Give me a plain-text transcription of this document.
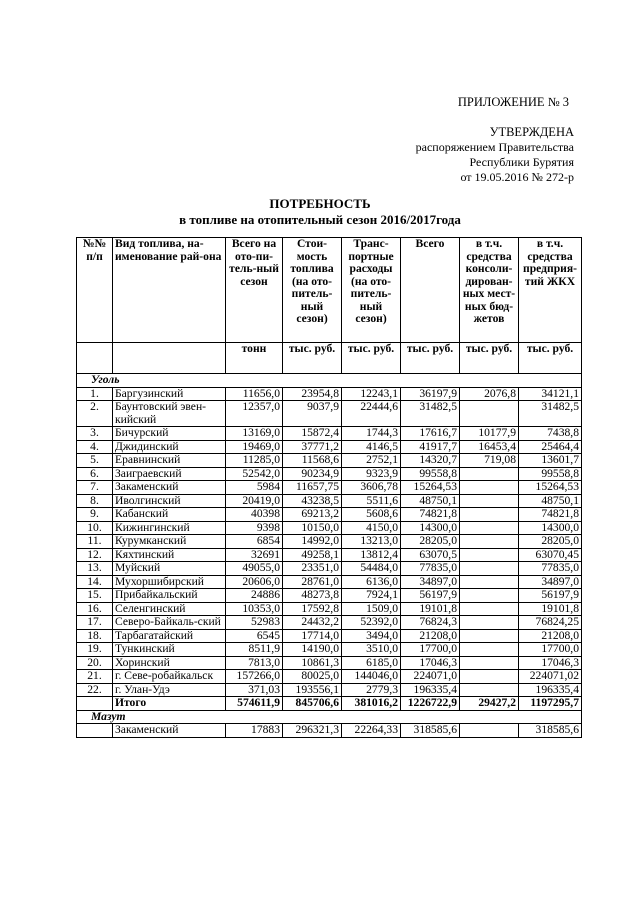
ПРИЛОЖЕНИЕ № 3
УТВЕРЖДЕНА
распоряжением Правительства
Республики Бурятия
от 19.05.2016 № 272-р
ПОТРЕБНОСТЬ
в топливе на отопительный сезон 2016/2017года
№№ п/п	Вид топлива, на-именование рай-она	Всего на ото-пи-тель-ный сезон	Стои-мость топлива (на ото-питель-ный сезон)	Транс-портные расходы (на ото-питель-ный сезон)	Всего	в т.ч. средства консоли-дирован-ных мест-ных бюд-жетов	в т.ч. средства предприя-тий ЖКХ
		тонн	тыс. руб.	тыс. руб.	тыс. руб.	тыс. руб.	тыс. руб.
Уголь							
1.	Баргузинский	11656,0	23954,8	12243,1	36197,9	2076,8	34121,1
2.	Баунтовский эвен-кийский	12357,0	9037,9	22444,6	31482,5		31482,5
3.	Бичурский	13169,0	15872,4	1744,3	17616,7	10177,9	7438,8
4.	Джидинский	19469,0	37771,2	4146,5	41917,7	16453,4	25464,4
5.	Еравнинский	11285,0	11568,6	2752,1	14320,7	719,08	13601,7
6.	Заиграевский	52542,0	90234,9	9323,9	99558,8		99558,8
7.	Закаменский	5984	11657,75	3606,78	15264,53		15264,53
8.	Иволгинский	20419,0	43238,5	5511,6	48750,1		48750,1
9.	Кабанский	40398	69213,2	5608,6	74821,8		74821,8
10.	Кижингинский	9398	10150,0	4150,0	14300,0		14300,0
11.	Курумканский	6854	14992,0	13213,0	28205,0		28205,0
12.	Кяхтинский	32691	49258,1	13812,4	63070,5		63070,45
13.	Муйский	49055,0	23351,0	54484,0	77835,0		77835,0
14.	Мухоршибирский	20606,0	28761,0	6136,0	34897,0		34897,0
15.	Прибайкальский	24886	48273,8	7924,1	56197,9		56197,9
16.	Селенгинский	10353,0	17592,8	1509,0	19101,8		19101,8
17.	Северо-Байкаль-ский	52983	24432,2	52392,0	76824,3		76824,25
18.	Тарбагатайский	6545	17714,0	3494,0	21208,0		21208,0
19.	Тункинский	8511,9	14190,0	3510,0	17700,0		17700,0
20.	Хоринский	7813,0	10861,3	6185,0	17046,3		17046,3
21.	г. Севе-робайкальск	157266,0	80025,0	144046,0	224071,0		224071,02
22.	г. Улан-Удэ	371,03	193556,1	2779,3	196335,4		196335,4
	Итого	574611,9	845706,6	381016,2	1226722,9	29427,2	1197295,7
Мазут							
	Закаменский	17883	296321,3	22264,33	318585,6		318585,6
